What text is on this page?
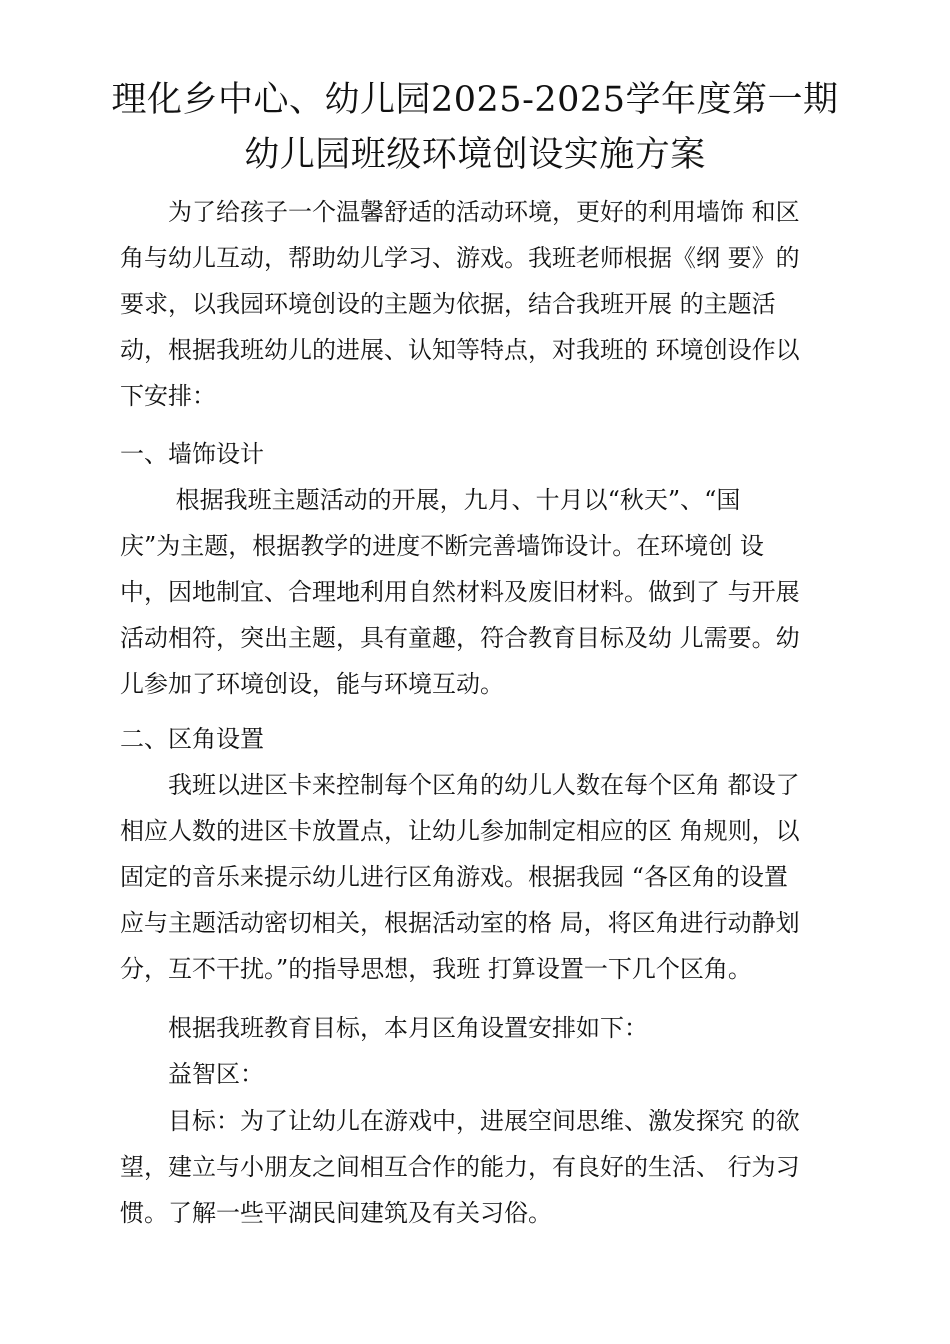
理化乡中心、幼儿园2025-2025学年度第一期
幼儿园班级环境创设实施方案
　　为了给孩子一个温馨舒适的活动环境，更好的利用墙饰 和区
角与幼儿互动，帮助幼儿学习、游戏。我班老师根据《纲 要》的
要求，以我园环境创设的主题为依据，结合我班开展 的主题活
动，根据我班幼儿的进展、认知等特点，对我班的 环境创设作以
下安排：
一、墙饰设计
　　 根据我班主题活动的开展，九月、十月以“秋天”、“国
庆”为主题，根据教学的进度不断完善墙饰设计。在环境创 设
中，因地制宜、合理地利用自然材料及废旧材料。做到了 与开展
活动相符，突出主题，具有童趣，符合教育目标及幼 儿需要。幼
儿参加了环境创设，能与环境互动。
二、区角设置
　　我班以进区卡来控制每个区角的幼儿人数在每个区角 都设了
相应人数的进区卡放置点，让幼儿参加制定相应的区 角规则，以
固定的音乐来提示幼儿进行区角游戏。根据我园 “各区角的设置
应与主题活动密切相关，根据活动室的格 局，将区角进行动静划
分，互不干扰。”的指导思想，我班 打算设置一下几个区角。
　　根据我班教育目标，本月区角设置安排如下：
　　益智区：
　　目标：为了让幼儿在游戏中，进展空间思维、激发探究 的欲
望，建立与小朋友之间相互合作的能力，有良好的生活、 行为习
惯。了解一些平湖民间建筑及有关习俗。
